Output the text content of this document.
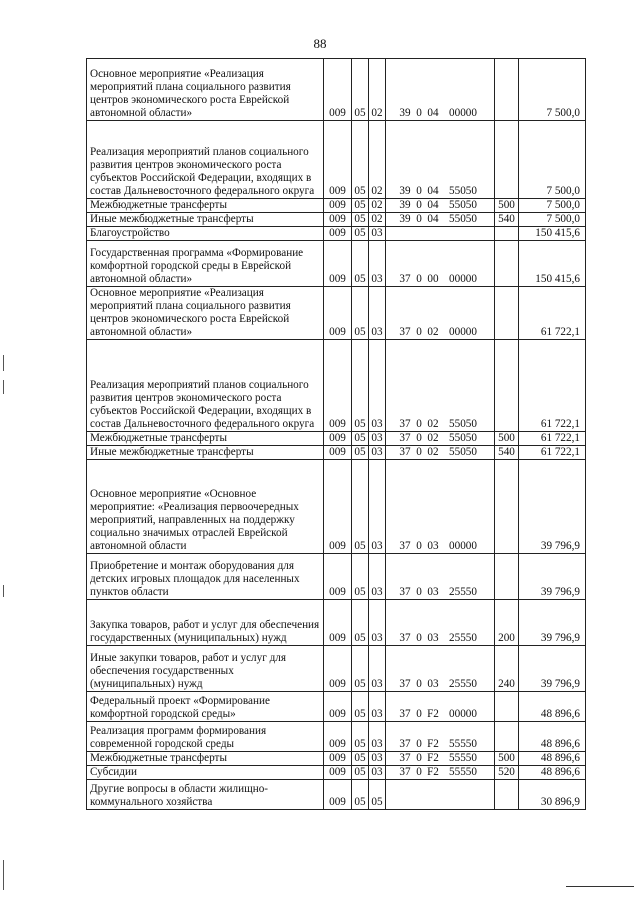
88
Основное мероприятие «Реализация мероприятий плана социального развития центров экономического роста Еврейской автономной области»	009	05	02	39 0 04 00000		7 500,0
Реализация мероприятий планов социального развития центров экономического роста субъектов Российской Федерации, входящих в состав Дальневосточного федерального округа	009	05	02	39 0 04 55050		7 500,0
Межбюджетные трансферты	009	05	02	39 0 04 55050	500	7 500,0
Иные межбюджетные трансферты	009	05	02	39 0 04 55050	540	7 500,0
Благоустройство	009	05	03			150 415,6
Государственная программа «Формирование комфортной городской среды в Еврейской автономной области»	009	05	03	37 0 00 00000		150 415,6
Основное мероприятие «Реализация мероприятий плана социального развития центров экономического роста Еврейской автономной области»	009	05	03	37 0 02 00000		61 722,1
Реализация мероприятий планов социального развития центров экономического роста субъектов Российской Федерации, входящих в состав Дальневосточного федерального округа	009	05	03	37 0 02 55050		61 722,1
Межбюджетные трансферты	009	05	03	37 0 02 55050	500	61 722,1
Иные межбюджетные трансферты	009	05	03	37 0 02 55050	540	61 722,1
Основное мероприятие «Основное мероприятие: «Реализация первоочередных мероприятий, направленных на поддержку социально значимых отраслей Еврейской автономной области	009	05	03	37 0 03 00000		39 796,9
Приобретение и монтаж оборудования для детских игровых площадок для населенных пунктов области	009	05	03	37 0 03 25550		39 796,9
Закупка товаров, работ и услуг для обеспечения государственных (муниципальных) нужд	009	05	03	37 0 03 25550	200	39 796,9
Иные закупки товаров, работ и услуг для обеспечения государственных (муниципальных) нужд	009	05	03	37 0 03 25550	240	39 796,9
Федеральный проект «Формирование комфортной городской среды»	009	05	03	37 0 F2 00000		48 896,6
Реализация программ формирования современной городской среды	009	05	03	37 0 F2 55550		48 896,6
Межбюджетные трансферты	009	05	03	37 0 F2 55550	500	48 896,6
Субсидии	009	05	03	37 0 F2 55550	520	48 896,6
Другие вопросы в области жилищно-коммунального хозяйства	009	05	05			30 896,9
